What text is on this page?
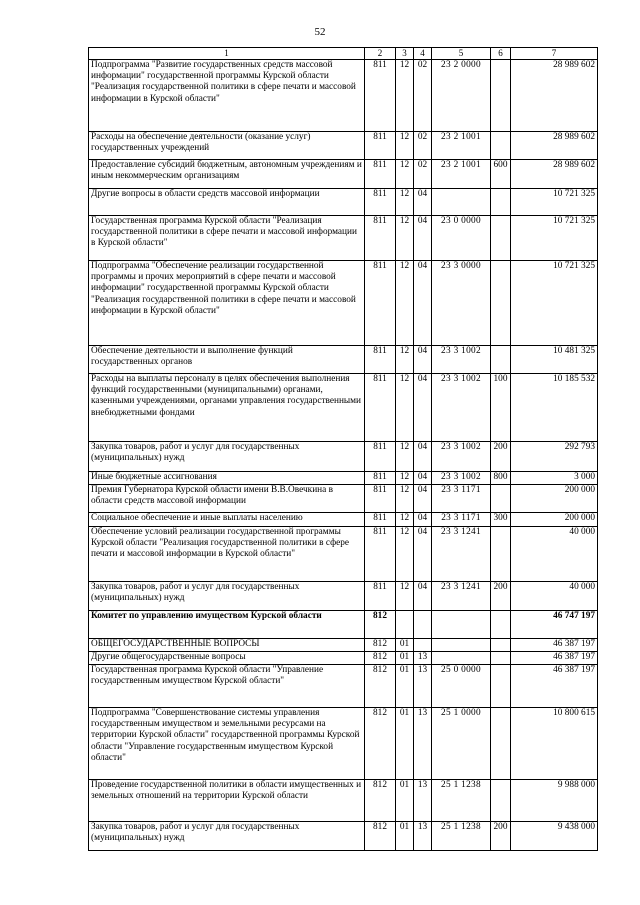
52
1	2	3	4	5	6	7
Подпрограмма "Развитие государственных средств массовой информации" государственной программы Курской области "Реализация государственной политики в сфере печати и массовой информации в Курской области"	811	12	02	23 2 0000		28 989 602
Расходы на обеспечение деятельности (оказание услуг) государственных учреждений	811	12	02	23 2 1001		28 989 602
Предоставление субсидий бюджетным, автономным учреждениям и иным некоммерческим организациям	811	12	02	23 2 1001	600	28 989 602
Другие вопросы в области средств массовой информации	811	12	04			10 721 325
Государственная программа Курской области "Реализация государственной политики в сфере печати и массовой информации в Курской области"	811	12	04	23 0 0000		10 721 325
Подпрограмма "Обеспечение реализации государственной программы и прочих мероприятий в сфере печати и массовой информации" государственной программы Курской области "Реализация государственной политики в сфере печати и массовой информации в Курской области"	811	12	04	23 3 0000		10 721 325
Обеспечение деятельности и выполнение функций государственных органов	811	12	04	23 3 1002		10 481 325
Расходы на выплаты персоналу в целях обеспечения выполнения функций государственными (муниципальными) органами, казенными учреждениями, органами управления государственными внебюджетными фондами	811	12	04	23 3 1002	100	10 185 532
Закупка товаров, работ и услуг для государственных (муниципальных) нужд	811	12	04	23 3 1002	200	292 793
Иные бюджетные ассигнования	811	12	04	23 3 1002	800	3 000
Премия Губернатора Курской области имени В.В.Овечкина в области средств массовой информации	811	12	04	23 3 1171		200 000
Социальное обеспечение и иные выплаты населению	811	12	04	23 3 1171	300	200 000
Обеспечение условий реализации государственной программы Курской области "Реализация государственной политики в сфере печати и массовой информации в Курской области"	811	12	04	23 3 1241		40 000
Закупка товаров, работ и услуг для государственных (муниципальных) нужд	811	12	04	23 3 1241	200	40 000
Комитет по управлению имуществом Курской области	812					46 747 197
ОБЩЕГОСУДАРСТВЕННЫЕ ВОПРОСЫ	812	01				46 387 197
Другие общегосударственные вопросы	812	01	13			46 387 197
Государственная программа Курской области "Управление государственным имуществом Курской области"	812	01	13	25 0 0000		46 387 197
Подпрограмма "Совершенствование системы управления государственным имуществом и земельными ресурсами на территории Курской области" государственной программы Курской области "Управление государственным имуществом Курской области"	812	01	13	25 1 0000		10 800 615
Проведение государственной политики в области имущественных и земельных отношений на территории Курской области	812	01	13	25 1 1238		9 988 000
Закупка товаров, работ и услуг для государственных (муниципальных) нужд	812	01	13	25 1 1238	200	9 438 000
